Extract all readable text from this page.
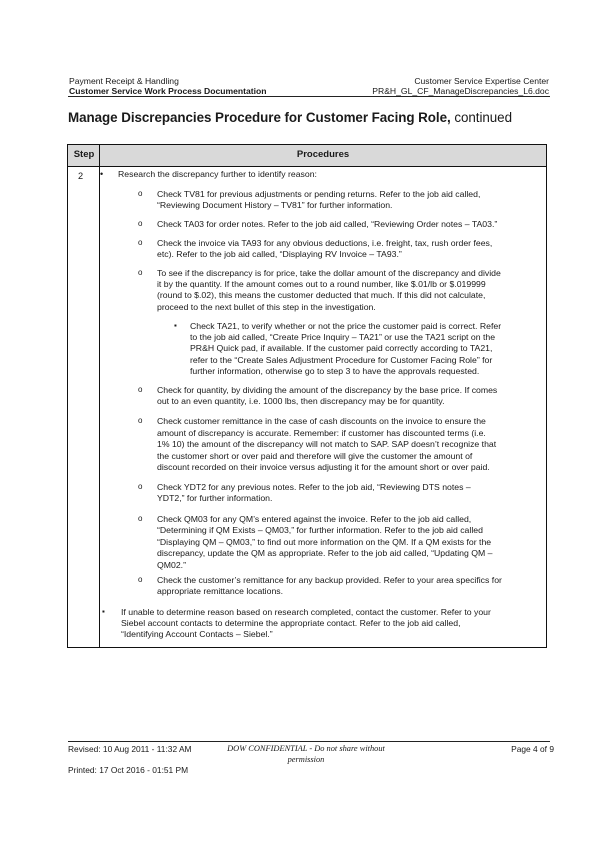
Payment Receipt & Handling
Customer Service Work Process Documentation
Customer Service Expertise Center
PR&H_GL_CF_ManageDiscrepancies_L6.doc
Manage Discrepancies Procedure for Customer Facing Role, continued
Step	Procedures
2 • Research the discrepancy further to identify reason:
o Check TV81 for previous adjustments or pending returns. Refer to the job aid called,
“Reviewing Document History – TV81” for further information.
o Check TA03 for order notes. Refer to the job aid called, “Reviewing Order notes – TA03.”
o Check the invoice via TA93 for any obvious deductions, i.e. freight, tax, rush order fees,
etc). Refer to the job aid called, “Displaying RV Invoice – TA93.”
o To see if the discrepancy is for price, take the dollar amount of the discrepancy and divide
it by the quantity. If the amount comes out to a round number, like $.01/lb or $.019999
(round to $.02), this means the customer deducted that much. If this did not calculate,
proceed to the next bullet of this step in the investigation.
o Check for quantity, by dividing the amount of the discrepancy by the base price. If comes
out to an even quantity, i.e. 1000 lbs, then discrepancy may be for quantity.
o Check customer remittance in the case of cash discounts on the invoice to ensure the
amount of discrepancy is accurate. Remember: if customer has discounted terms (i.e.
1% 10) the amount of the discrepancy will not match to SAP. SAP doesn’t recognize that
the customer short or over paid and therefore will give the customer the amount of
discount recorded on their invoice versus adjusting it for the amount short or over paid.
o Check YDT2 for any previous notes. Refer to the job aid, “Reviewing DTS notes –
YDT2,” for further information.
o Check QM03 for any QM’s entered against the invoice. Refer to the job aid called,
“Determining if QM Exists – QM03,” for further information. Refer to the job aid called
“Displaying QM – QM03,” to find out more information on the QM. If a QM exists for the
discrepancy, update the QM as appropriate. Refer to the job aid called, “Updating QM –
QM02.”
o Check the customer’s remittance for any backup provided. Refer to your area specifics for
appropriate remittance locations.
▪ Check TA21, to verify whether or not the price the customer paid is correct. Refer
to the job aid called, “Create Price Inquiry – TA21” or use the TA21 script on the
PR&H Quick pad, if available. If the customer paid correctly according to TA21,
refer to the “Create Sales Adjustment Procedure for Customer Facing Role” for
further information, otherwise go to step 3 to have the approvals requested.
▪ If unable to determine reason based on research completed, contact the customer. Refer to your
Siebel account contacts to determine the appropriate contact. Refer to the job aid called,
“Identifying Account Contacts – Siebel.”
Revised: 10 Aug 2011 - 11:32 AM	DOW CONFIDENTIAL - Do not share without
permission
Page 4 of 9
Printed: 17 Oct 2016 - 01:51 PM
